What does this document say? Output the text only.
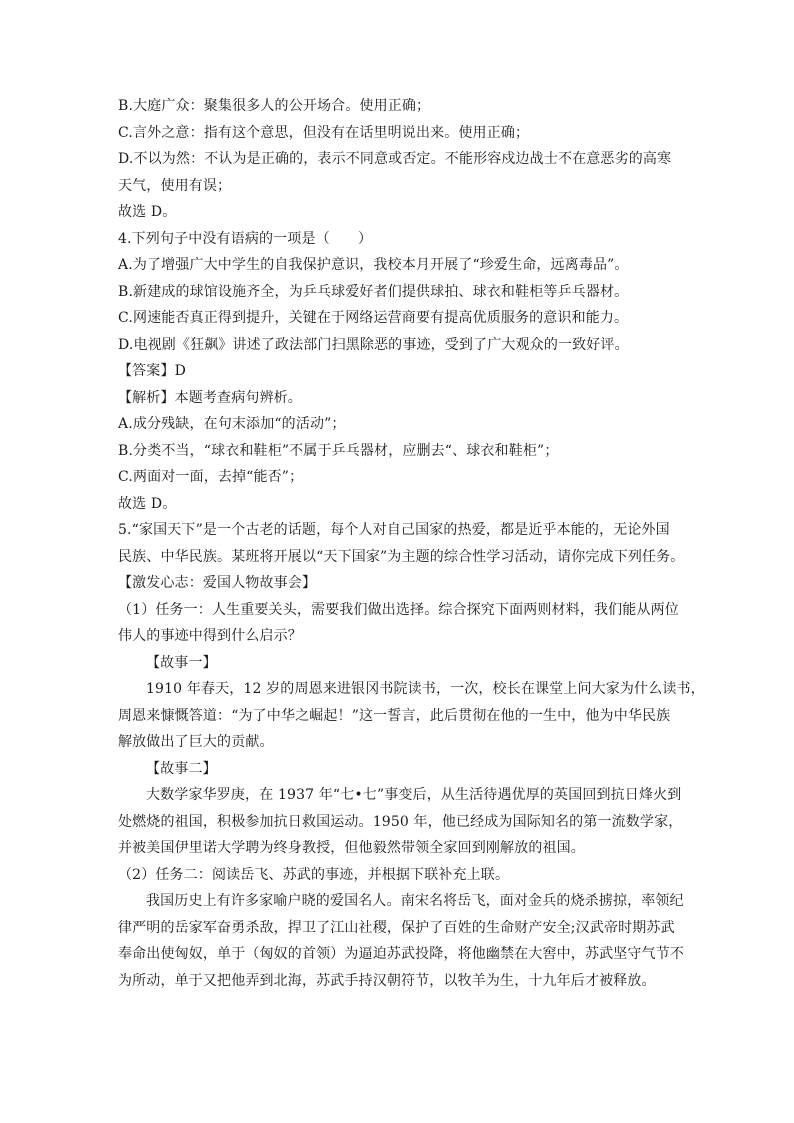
B.大庭广众：聚集很多人的公开场合。使用正确；
C.言外之意：指有这个意思，但没有在话里明说出来。使用正确；
D.不以为然：不认为是正确的，表示不同意或否定。不能形容戍边战士不在意恶劣的高寒
天气，使用有误；
故选 D。
4.下列句子中没有语病的一项是（　　）
A.为了增强广大中学生的自我保护意识，我校本月开展了“珍爱生命，远离毒品”。
B.新建成的球馆设施齐全，为乒乓球爱好者们提供球拍、球衣和鞋柜等乒乓器材。
C.网速能否真正得到提升，关键在于网络运营商要有提高优质服务的意识和能力。
D.电视剧《狂飙》讲述了政法部门扫黑除恶的事迹，受到了广大观众的一致好评。
【答案】D
【解析】本题考查病句辨析。
A.成分残缺，在句末添加“的活动”；
B.分类不当，“球衣和鞋柜”不属于乒乓器材，应删去“、球衣和鞋柜”；
C.两面对一面，去掉“能否”；
故选 D。
5.“家国天下”是一个古老的话题，每个人对自己国家的热爱，都是近乎本能的，无论外国
民族、中华民族。某班将开展以“天下国家”为主题的综合性学习活动，请你完成下列任务。
【激发心志：爱国人物故事会】
（1）任务一：人生重要关头，需要我们做出选择。综合探究下面两则材料，我们能从两位
伟人的事迹中得到什么启示？
【故事一】
1910 年春天，12 岁的周恩来进银冈书院读书，一次，校长在课堂上问大家为什么读书，
周恩来慷慨答道：“为了中华之崛起！”这一誓言，此后贯彻在他的一生中，他为中华民族
解放做出了巨大的贡献。
【故事二】
大数学家华罗庚，在 1937 年“七•七”事变后，从生活待遇优厚的英国回到抗日烽火到
处燃烧的祖国，积极参加抗日救国运动。1950 年，他已经成为国际知名的第一流数学家，
并被美国伊里诺大学聘为终身教授，但他毅然带领全家回到刚解放的祖国。
（2）任务二：阅读岳飞、苏武的事迹，并根据下联补充上联。
我国历史上有许多家喻户晓的爱国名人。南宋名将岳飞，面对金兵的烧杀掳掠，率领纪
律严明的岳家军奋勇杀敌，捍卫了江山社稷，保护了百姓的生命财产安全;汉武帝时期苏武
奉命出使匈奴，单于（匈奴的首领）为逼迫苏武投降，将他幽禁在大窖中，苏武坚守气节不
为所动，单于又把他弄到北海，苏武手持汉朝符节，以牧羊为生，十九年后才被释放。
